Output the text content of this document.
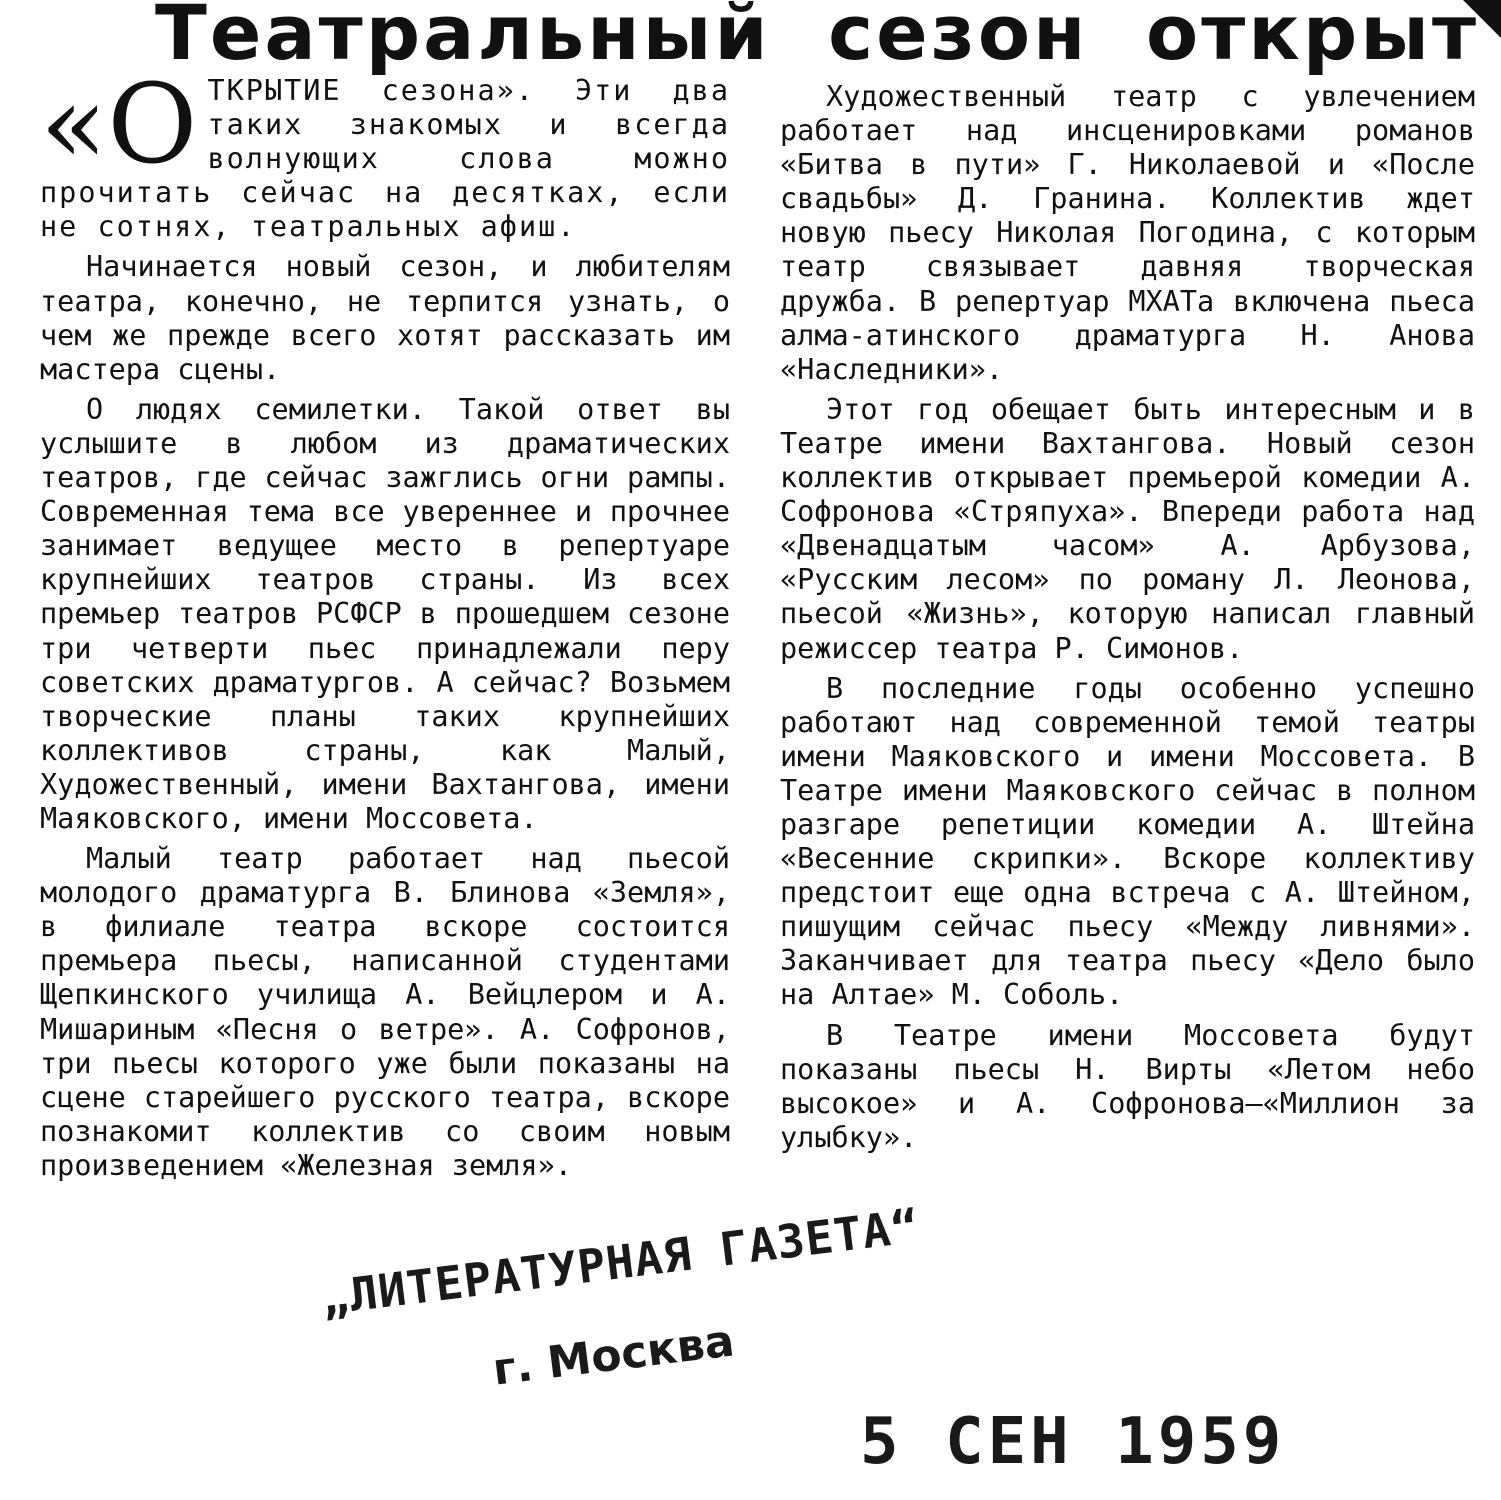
Театральный сезон открыт

«ОТКРЫТИЕ сезона». Эти два таких знакомых и всегда волнующих слова можно прочитать сейчас на десятках, если не сотнях, театральных афиш.

Начинается новый сезон, и любителям театра, конечно, не терпится узнать, о чем же прежде всего хотят рассказать им мастера сцены.

О людях семилетки. Такой ответ вы услышите в любом из драматических театров, где сейчас зажглись огни рампы. Современная тема все увереннее и прочнее занимает ведущее место в репертуаре крупнейших театров страны. Из всех премьер театров РСФСР в прошедшем сезоне три четверти пьес принадлежали перу советских драматургов. А сейчас? Возьмем творческие планы таких крупнейших коллективов страны, как Малый, Художественный, имени Вахтангова, имени Маяковского, имени Моссовета.

Малый театр работает над пьесой молодого драматурга В. Блинова «Земля», в филиале театра вскоре состоится премьера пьесы, написанной студентами Щепкинского училища А. Вейцлером и А. Мишариным «Песня о ветре». А. Софронов, три пьесы которого уже были показаны на сцене старейшего русского театра, вскоре познакомит коллектив со своим новым произведением «Железная земля».

Художественный театр с увлечением работает над инсценировками романов «Битва в пути» Г. Николаевой и «После свадьбы» Д. Гранина. Коллектив ждет новую пьесу Николая Погодина, с которым театр связывает давняя творческая дружба. В репертуар МХАТа включена пьеса алма-атинского драматурга Н. Анова «Наследники».

Этот год обещает быть интересным и в Театре имени Вахтангова. Новый сезон коллектив открывает премьерой комедии А. Софронова «Стряпуха». Впереди работа над «Двенадцатым часом» А. Арбузова, «Русским лесом» по роману Л. Леонова, пьесой «Жизнь», которую написал главный режиссер театра Р. Симонов.

В последние годы особенно успешно работают над современной темой театры имени Маяковского и имени Моссовета. В Театре имени Маяковского сейчас в полном разгаре репетиции комедии А. Штейна «Весенние скрипки». Вскоре коллективу предстоит еще одна встреча с А. Штейном, пишущим сейчас пьесу «Между ливнями». Заканчивает для театра пьесу «Дело было на Алтае» М. Соболь.

В Театре имени Моссовета будут показаны пьесы Н. Вирты «Летом небо высокое» и А. Софронова—«Миллион за улыбку».

„ЛИТЕРАТУРНАЯ ГАЗЕТА“
г. Москва
5 СЕН 1959
